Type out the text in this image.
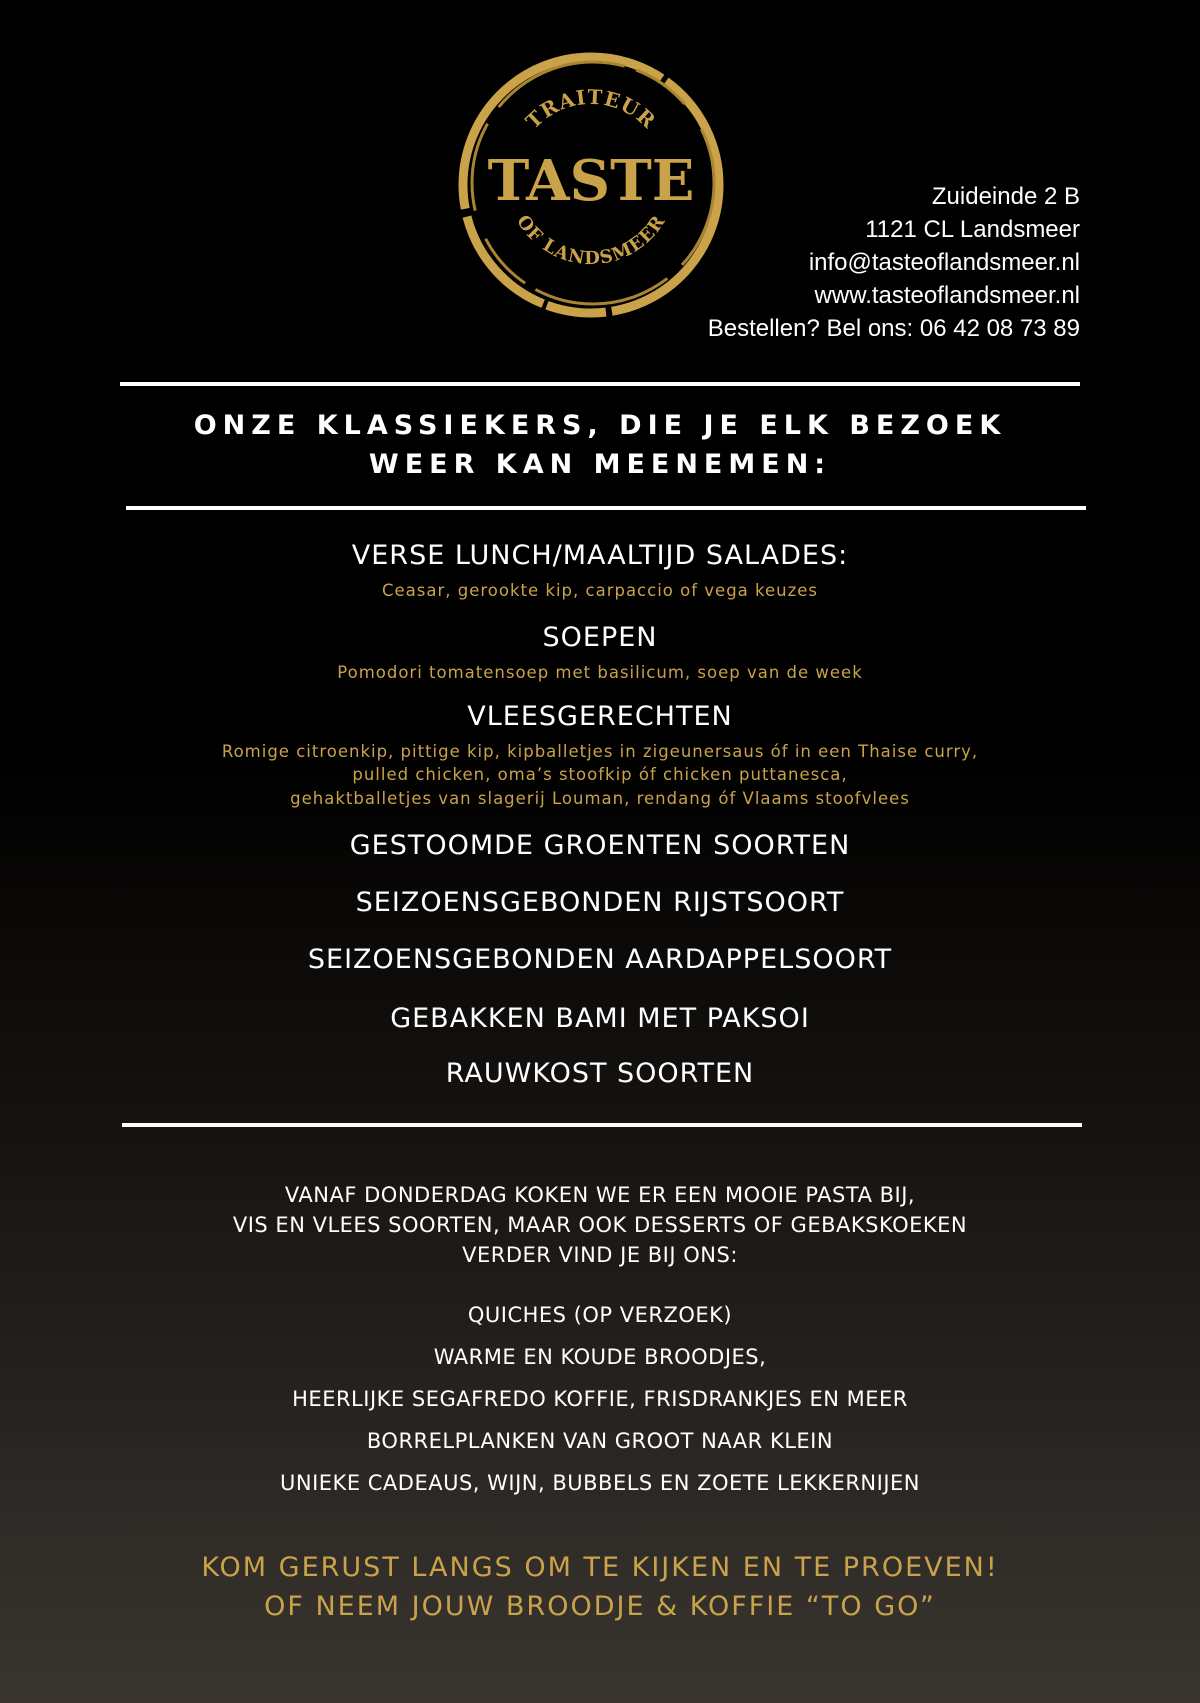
TRAITEUR
TASTE
OF LANDSMEER
Zuideinde 2 B
1121 CL Landsmeer
info@tasteoflandsmeer.nl
www.tasteoflandsmeer.nl
Bestellen? Bel ons: 06 42 08 73 89
ONZE KLASSIEKERS, DIE JE ELK BEZOEK
WEER KAN MEENEMEN:
VERSE LUNCH/MAALTIJD SALADES:
Ceasar, gerookte kip, carpaccio of vega keuzes
SOEPEN
Pomodori tomatensoep met basilicum, soep van de week
VLEESGERECHTEN
Romige citroenkip, pittige kip, kipballetjes in zigeunersaus óf in een Thaise curry,
pulled chicken, oma’s stoofkip óf chicken puttanesca,
gehaktballetjes van slagerij Louman, rendang óf Vlaams stoofvlees
GESTOOMDE GROENTEN SOORTEN
SEIZOENSGEBONDEN RIJSTSOORT
SEIZOENSGEBONDEN AARDAPPELSOORT
GEBAKKEN BAMI MET PAKSOI
RAUWKOST SOORTEN
VANAF DONDERDAG KOKEN WE ER EEN MOOIE PASTA BIJ,
VIS EN VLEES SOORTEN, MAAR OOK DESSERTS OF GEBAKSKOEKEN
VERDER VIND JE BIJ ONS:
QUICHES (OP VERZOEK)
WARME EN KOUDE BROODJES,
HEERLIJKE SEGAFREDO KOFFIE, FRISDRANKJES EN MEER
BORRELPLANKEN VAN GROOT NAAR KLEIN
UNIEKE CADEAUS, WIJN, BUBBELS EN ZOETE LEKKERNIJEN
KOM GERUST LANGS OM TE KIJKEN EN TE PROEVEN!
OF NEEM JOUW BROODJE & KOFFIE “TO GO”
